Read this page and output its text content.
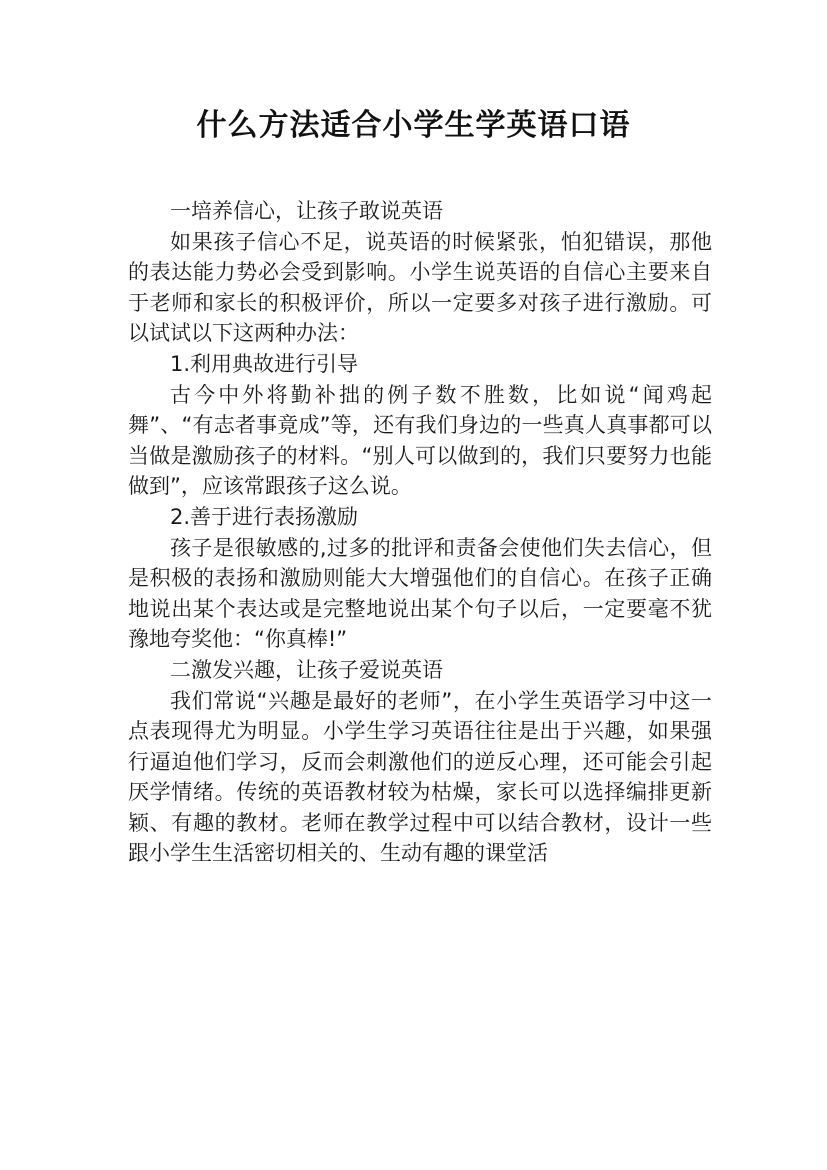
什么方法适合小学生学英语口语

一培养信心，让孩子敢说英语

如果孩子信心不足，说英语的时候紧张，怕犯错误，那他的表达能力势必会受到影响。小学生说英语的自信心主要来自于老师和家长的积极评价，所以一定要多对孩子进行激励。可以试试以下这两种办法：

1.利用典故进行引导

古今中外将勤补拙的例子数不胜数，比如说“闻鸡起舞”、“有志者事竟成”等，还有我们身边的一些真人真事都可以当做是激励孩子的材料。“别人可以做到的，我们只要努力也能做到”，应该常跟孩子这么说。

2.善于进行表扬激励

孩子是很敏感的,过多的批评和责备会使他们失去信心，但是积极的表扬和激励则能大大增强他们的自信心。在孩子正确地说出某个表达或是完整地说出某个句子以后，一定要毫不犹豫地夸奖他：“你真棒!”

二激发兴趣，让孩子爱说英语

我们常说“兴趣是最好的老师”，在小学生英语学习中这一点表现得尤为明显。小学生学习英语往往是出于兴趣，如果强行逼迫他们学习，反而会刺激他们的逆反心理，还可能会引起厌学情绪。传统的英语教材较为枯燥，家长可以选择编排更新颖、有趣的教材。老师在教学过程中可以结合教材，设计一些跟小学生生活密切相关的、生动有趣的课堂活
